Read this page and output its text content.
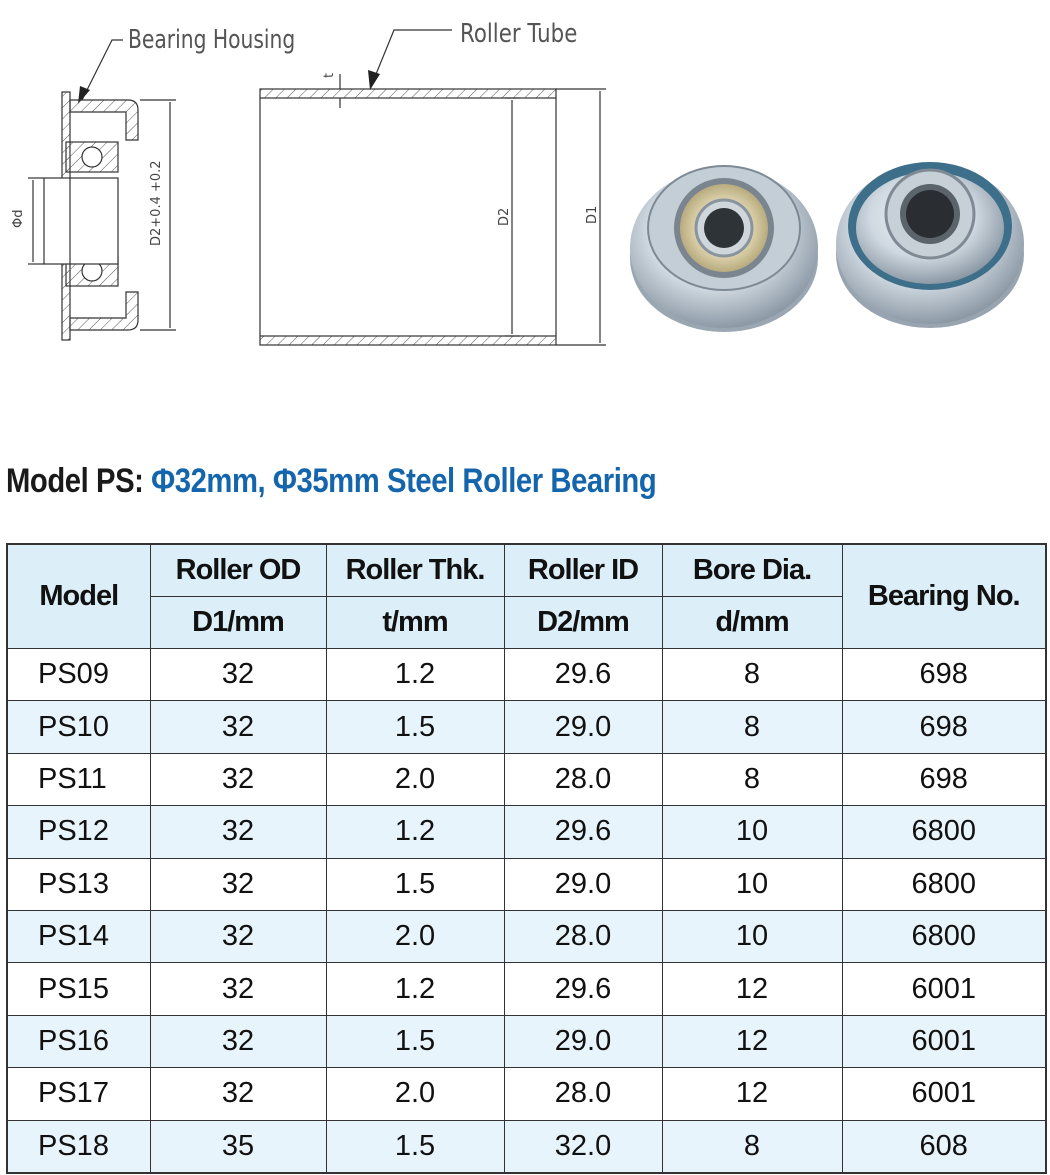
Bearing Housing
Φd	D2+0.4 +0.2
Roller Tube
t
D2	D1
Model PS: Φ32mm, Φ35mm Steel Roller Bearing
Model	Roller OD	Roller Thk.	Roller ID	Bore Dia.	Bearing No.
	D1/mm	t/mm	D2/mm	d/mm	
PS09	32	1.2	29.6	8	698
PS10	32	1.5	29.0	8	698
PS11	32	2.0	28.0	8	698
PS12	32	1.2	29.6	10	6800
PS13	32	1.5	29.0	10	6800
PS14	32	2.0	28.0	10	6800
PS15	32	1.2	29.6	12	6001
PS16	32	1.5	29.0	12	6001
PS17	32	2.0	28.0	12	6001
PS18	35	1.5	32.0	8	608
